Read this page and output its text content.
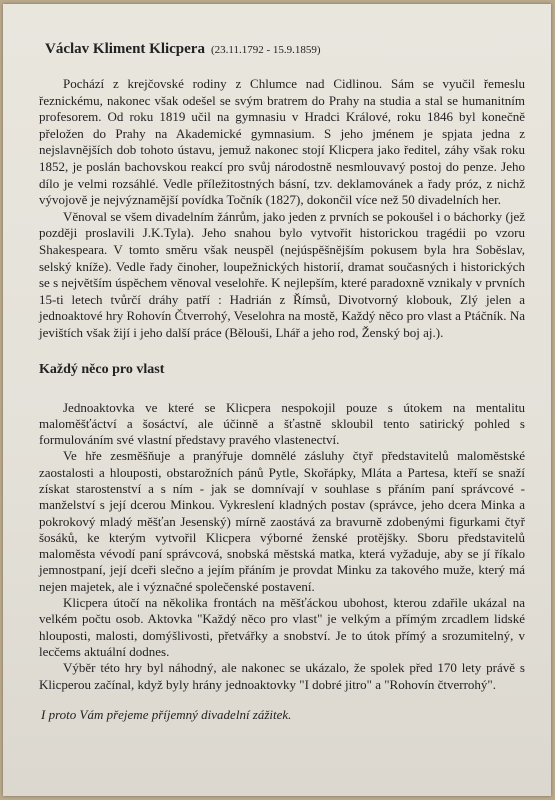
Václav Kliment Klicpera (23.11.1792 - 15.9.1859)

Pochází z krejčovské rodiny z Chlumce nad Cidlinou. Sám se vyučil řemeslu řeznickému, nakonec však odešel se svým bratrem do Prahy na studia a stal se humanitním profesorem. Od roku 1819 učil na gymnasiu v Hradci Králové, roku 1846 byl konečně přeložen do Prahy na Akademické gymnasium. S jeho jménem je spjata jedna z nejslavnějších dob tohoto ústavu, jemuž nakonec stojí Klicpera jako ředitel, záhy však roku 1852, je poslán bachovskou reakcí pro svůj národostně nesmlouvavý postoj do penze. Jeho dílo je velmi rozsáhlé. Vedle příležitostných básní, tzv. deklamovánek a řady próz, z nichž vývojově je nejvýznamější povídka Točník (1827), dokončil více než 50 divadelních her.

Věnoval se všem divadelním žánrům, jako jeden z prvních se pokoušel i o báchorky (jež později proslavili J.K.Tyla). Jeho snahou bylo vytvořit historickou tragédii po vzoru Shakespeara. V tomto směru však neuspěl (nejúspěšnějším pokusem byla hra Soběslav, selský kníže). Vedle řady činoher, loupežnických historií, dramat současných i historických se s největším úspěchem věnoval veselohře. K nejlepším, které paradoxně vznikaly v prvních 15-ti letech tvůrčí dráhy patří : Hadrián z Římsů, Divotvorný klobouk, Zlý jelen a jednoaktové hry Rohovín Čtverrohý, Veselohra na mostě, Každý něco pro vlast a Ptáčník. Na jevištích však žijí i jeho další práce (Bělouši, Lhář a jeho rod, Ženský boj aj.).

Každý něco pro vlast

Jednoaktovka ve které se Klicpera nespokojil pouze s útokem na mentalitu maloměšťáctví a šosáctví, ale účinně a šťastně skloubil tento satirický pohled s formulováním své vlastní představy pravého vlastenectví.

Ve hře zesměšňuje a pranýřuje domnělé zásluhy čtyř představitelů maloměstské zaostalosti a hlouposti, obstarožních pánů Pytle, Skořápky, Mláta a Partesa, kteří se snaží získat starostenství a s ním - jak se domnívají v souhlase s přáním paní správcové - manželství s její dcerou Minkou. Vykreslení kladných postav (správce, jeho dcera Minka a pokrokový mladý měšťan Jesenský) mírně zaostává za bravurně zdobenými figurkami čtyř šosáků, ke kterým vytvořil Klicpera výborné ženské protějšky. Sboru představitelů maloměsta vévodí paní správcová, snobská městská matka, která vyžaduje, aby se jí říkalo jemnostpaní, její dceři slečno a jejím přáním je provdat Minku za takového muže, který má nejen majetek, ale i význačné společenské postavení.

Klicpera útočí na několika frontách na měšťáckou ubohost, kterou zdařile ukázal na velkém počtu osob. Aktovka "Každý něco pro vlast" je velkým a přímým zrcadlem lidské hlouposti, malosti, domýšlivosti, přetvářky a snobství. Je to útok přímý a srozumitelný, v lecčems aktuální dodnes.

Výběr této hry byl náhodný, ale nakonec se ukázalo, že spolek před 170 lety právě s Klicperou začínal, když byly hrány jednoaktovky "I dobré jitro" a "Rohovín čtverrohý".

I proto Vám přejeme příjemný divadelní zážitek.
